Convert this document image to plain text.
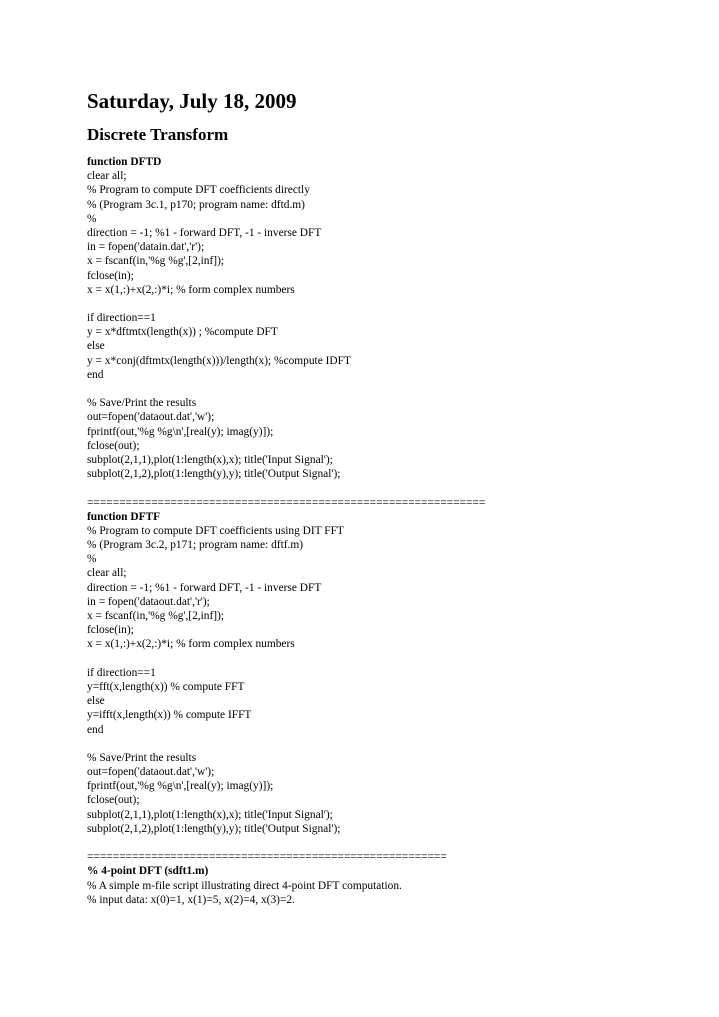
Saturday, July 18, 2009
Discrete Transform
function DFTD
clear all;
% Program to compute DFT coefficients directly
% (Program 3c.1, p170; program name: dftd.m)
%
direction = -1; %1 - forward DFT, -1 - inverse DFT
in = fopen('datain.dat','r');
x = fscanf(in,'%g %g',[2,inf]);
fclose(in);
x = x(1,:)+x(2,:)*i; % form complex numbers
if direction==1
y = x*dftmtx(length(x)) ; %compute DFT
else
y = x*conj(dftmtx(length(x)))/length(x); %compute IDFT
end
% Save/Print the results
out=fopen('dataout.dat','w');
fprintf(out,'%g %g\n',[real(y); imag(y)]);
fclose(out);
subplot(2,1,1),plot(1:length(x),x); title('Input Signal');
subplot(2,1,2),plot(1:length(y),y); title('Output Signal');
==============================================================
function DFTF
% Program to compute DFT coefficients using DIT FFT
% (Program 3c.2, p171; program name: dftf.m)
%
clear all;
direction = -1; %1 - forward DFT, -1 - inverse DFT
in = fopen('dataout.dat','r');
x = fscanf(in,'%g %g',[2,inf]);
fclose(in);
x = x(1,:)+x(2,:)*i; % form complex numbers
if direction==1
y=fft(x,length(x)) % compute FFT
else
y=ifft(x,length(x)) % compute IFFT
end
% Save/Print the results
out=fopen('dataout.dat','w');
fprintf(out,'%g %g\n',[real(y); imag(y)]);
fclose(out);
subplot(2,1,1),plot(1:length(x),x); title('Input Signal');
subplot(2,1,2),plot(1:length(y),y); title('Output Signal');
========================================================
% 4-point DFT (sdft1.m)
% A simple m-file script illustrating direct 4-point DFT computation.
% input data: x(0)=1, x(1)=5, x(2)=4, x(3)=2.
